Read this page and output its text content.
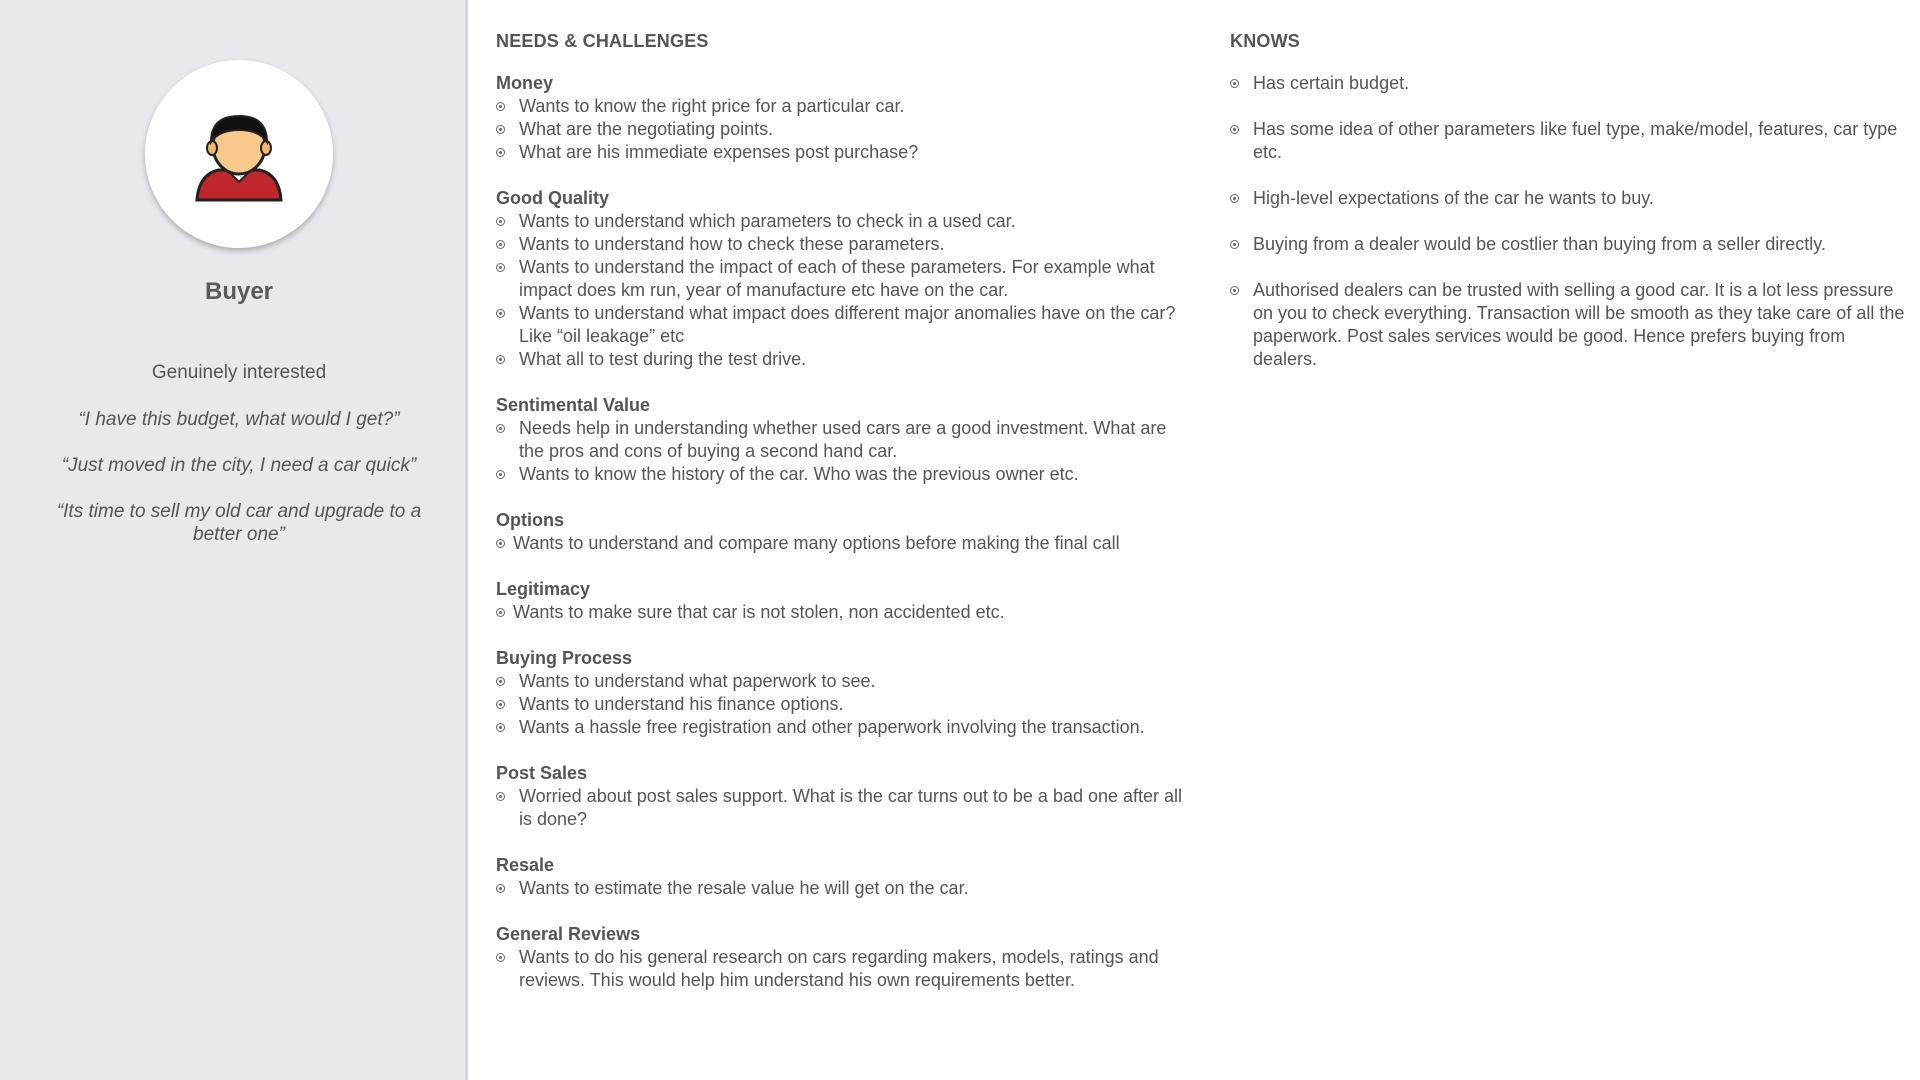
Buyer
Genuinely interested

“I have this budget, what would I get?”

“Just moved in the city, I need a car quick”

“Its time to sell my old car and upgrade to a better one”

NEEDS & CHALLENGES
Money
Wants to know the right price for a particular car.
What are the negotiating points.
What are his immediate expenses post purchase?
Good Quality
Wants to understand which parameters to check in a used car.
Wants to understand how to check these parameters.
Wants to understand the impact of each of these parameters. For example what impact does km run, year of manufacture etc have on the car.
Wants to understand what impact does different major anomalies have on the car? Like “oil leakage” etc
What all to test during the test drive.
Sentimental Value
Needs help in understanding whether used cars are a good investment. What are the pros and cons of buying a second hand car.
Wants to know the history of the car. Who was the previous owner etc.
Options
Wants to understand and compare many options before making the final call
Legitimacy
Wants to make sure that car is not stolen, non accidented etc.
Buying Process
Wants to understand what paperwork to see.
Wants to understand his finance options.
Wants a hassle free registration and other paperwork involving the transaction.
Post Sales
Worried about post sales support. What is the car turns out to be a bad one after all is done?
Resale
Wants to estimate the resale value he will get on the car.
General Reviews
Wants to do his general research on cars regarding makers, models, ratings and reviews. This would help him understand his own requirements better.
KNOWS
Has certain budget.
Has some idea of other parameters like fuel type, make/model, features, car type etc.
High-level expectations of the car he wants to buy.
Buying from a dealer would be costlier than buying from a seller directly.
Authorised dealers can be trusted with selling a good car. It is a lot less pressure on you to check everything. Transaction will be smooth as they take care of all the paperwork. Post sales services would be good. Hence prefers buying from dealers.
